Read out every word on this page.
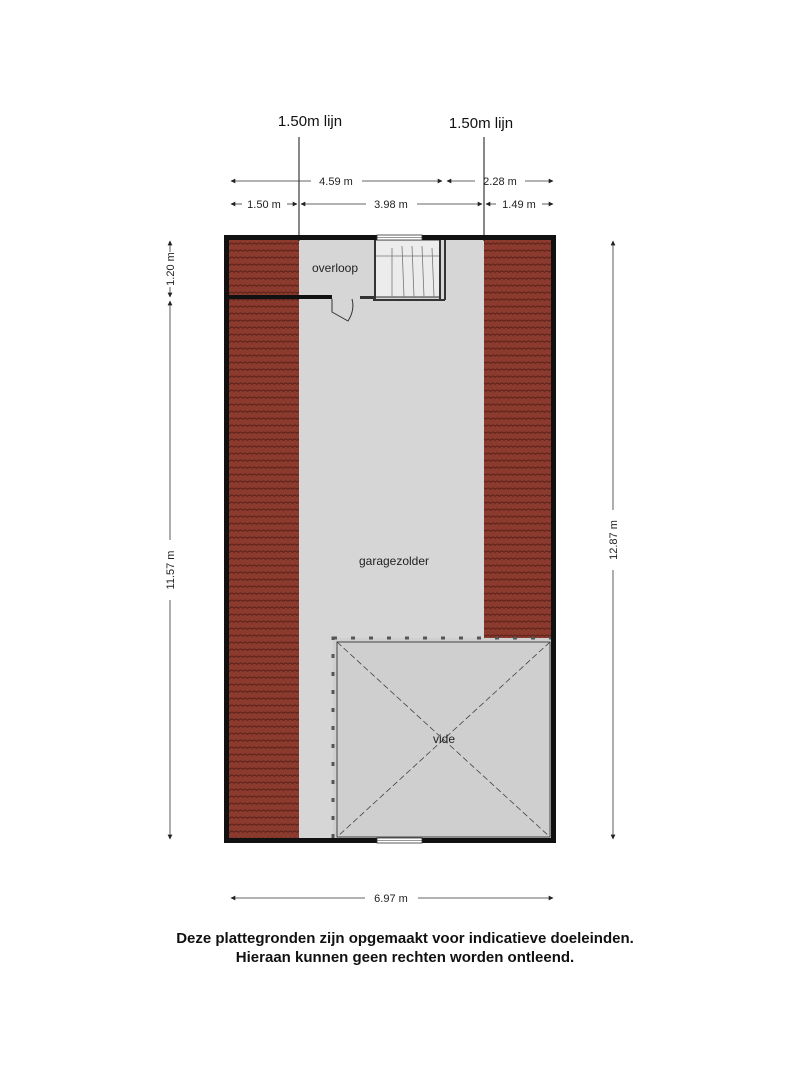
1.50m lijn	1.50m lijn
4.59 m	2.28 m
1.50 m	3.98 m	1.49 m
1.20 m
11.57 m
12.87 m
6.97 m
overloop
garagezolder
vide
Deze plattegronden zijn opgemaakt voor indicatieve doeleinden.
Hieraan kunnen geen rechten worden ontleend.
